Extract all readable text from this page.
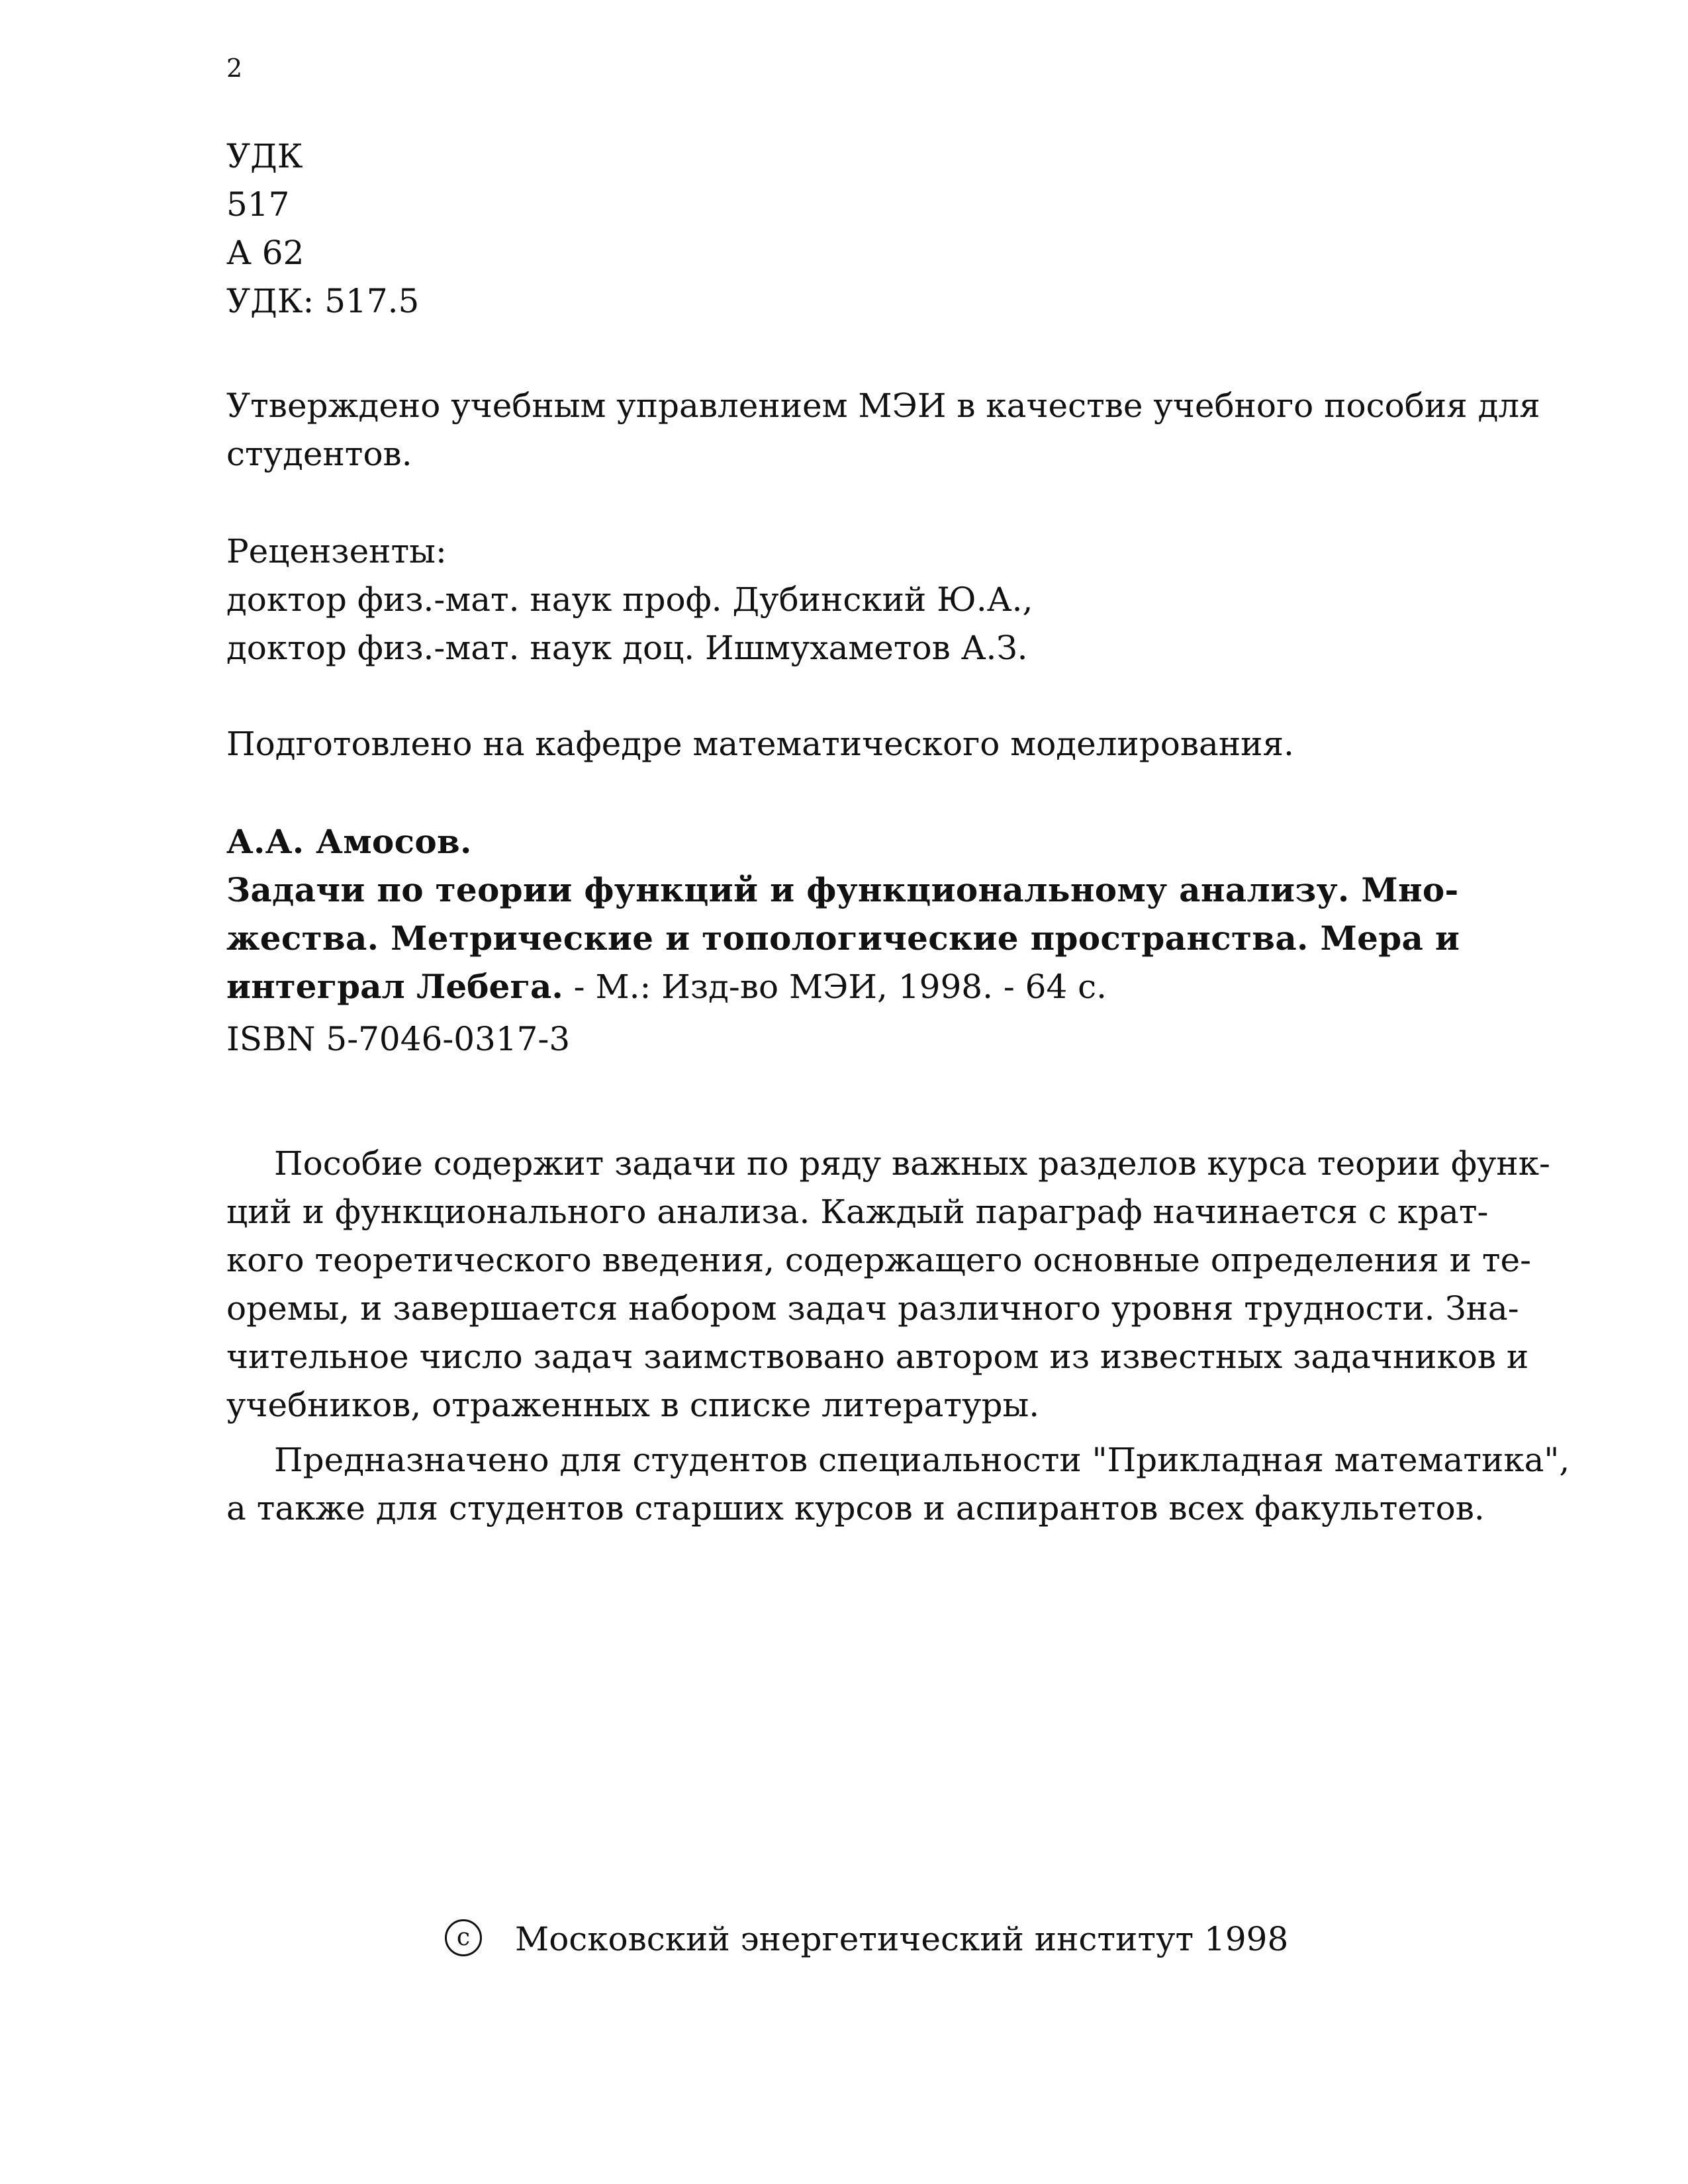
2
УДК
517
А 62
УДК: 517.5
Утверждено учебным управлением МЭИ в качестве учебного пособия для
студентов.
Рецензенты:
доктор физ.-мат. наук проф. Дубинский Ю.А.,
доктор физ.-мат. наук доц. Ишмухаметов А.З.
Подготовлено на кафедре математического моделирования.
А.А. Амосов.
Задачи по теории функций и функциональному анализу. Мно-
жества. Метрические и топологические пространства. Мера и
интеграл Лебега. - М.: Изд-во МЭИ, 1998. - 64 с.
ISBN 5-7046-0317-3
Пособие содержит задачи по ряду важных разделов курса теории функ-
ций и функционального анализа. Каждый параграф начинается с крат-
кого теоретического введения, содержащего основные определения и те-
оремы, и завершается набором задач различного уровня трудности. Зна-
чительное число задач заимствовано автором из известных задачников и
учебников, отраженных в списке литературы.
Предназначено для студентов специальности "Прикладная математика",
а также для студентов старших курсов и аспирантов всех факультетов.
c Московский энергетический институт 1998
